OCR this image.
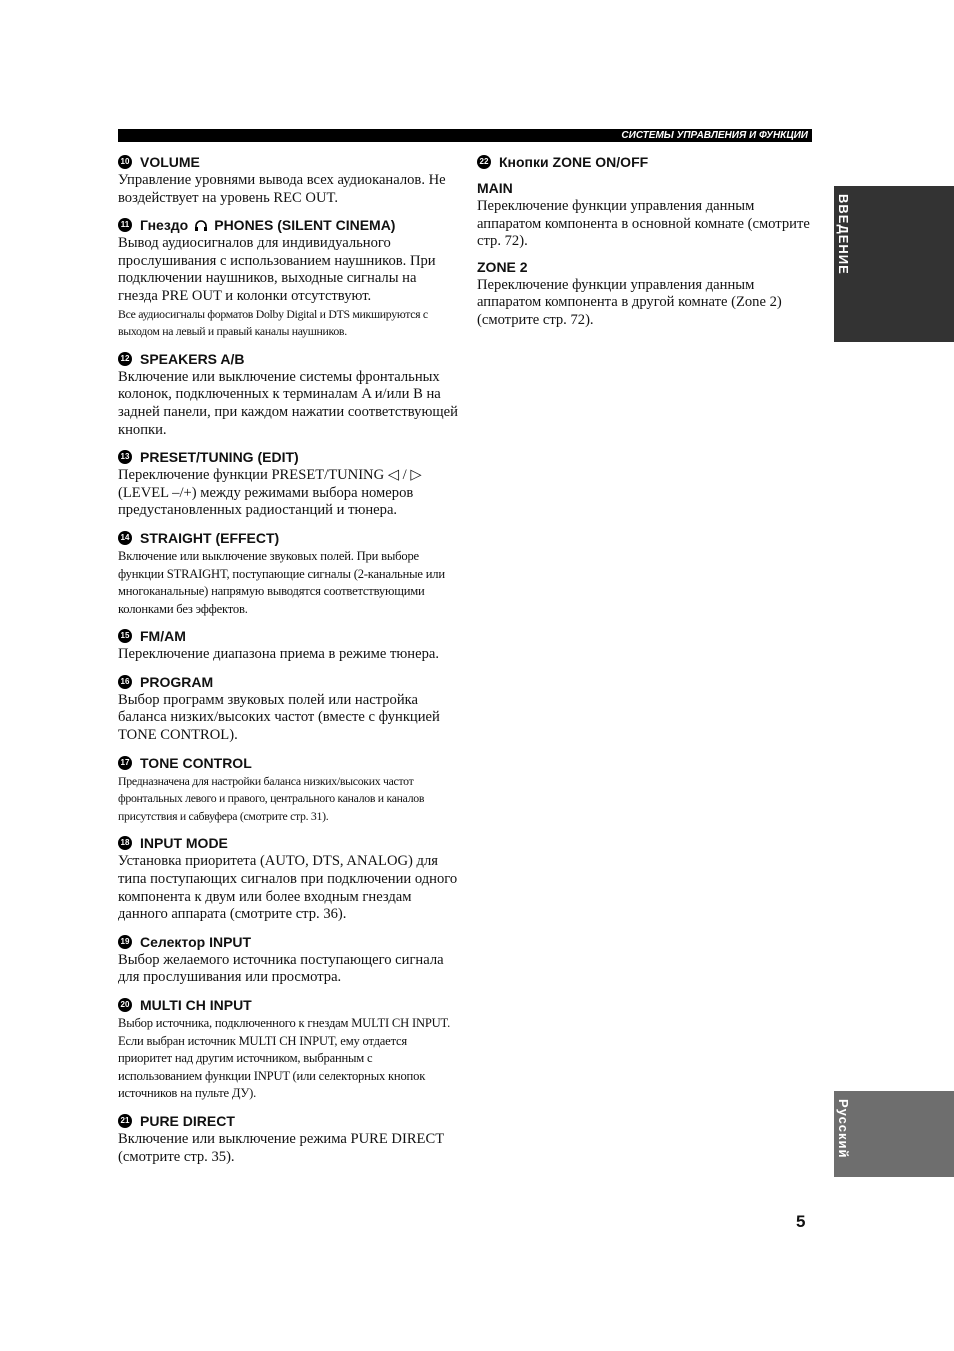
СИСТЕМЫ УПРАВЛЕНИЯ И ФУНКЦИИ
10 VOLUME
Управление уровнями вывода всех аудиоканалов. Не воздействует на уровень REC OUT.
11 Гнездо PHONES (SILENT CINEMA)
Вывод аудиосигналов для индивидуального прослушивания с использованием наушников. При подключении наушников, выходные сигналы на гнезда PRE OUT и колонки отсутствуют.
Все аудиосигналы форматов Dolby Digital и DTS микшируются с выходом на левый и правый каналы наушников.
12 SPEAKERS A/B
Включение или выключение системы фронтальных колонок, подключенных к терминалам A и/или B на задней панели, при каждом нажатии соответствующей кнопки.
13 PRESET/TUNING (EDIT)
Переключение функции PRESET/TUNING ◁ / ▷ (LEVEL –/+) между режимами выбора номеров предустановленных радиостанций и тюнера.
14 STRAIGHT (EFFECT)
Включение или выключение звуковых полей. При выборе функции STRAIGHT, поступающие сигналы (2-канальные или многоканальные) напрямую выводятся соответствующими колонками без эффектов.
15 FM/AM
Переключение диапазона приема в режиме тюнера.
16 PROGRAM
Выбор программ звуковых полей или настройка баланса низких/высоких частот (вместе с функцией TONE CONTROL).
17 TONE CONTROL
Предназначена для настройки баланса низких/высоких частот фронтальных левого и правого, центрального каналов и каналов присутствия и сабвуфера (смотрите стр. 31).
18 INPUT MODE
Установка приоритета (AUTO, DTS, ANALOG) для типа поступающих сигналов при подключении одного компонента к двум или более входным гнездам данного аппарата (смотрите стр. 36).
19 Селектор INPUT
Выбор желаемого источника поступающего сигнала для прослушивания или просмотра.
20 MULTI CH INPUT
Выбор источника, подключенного к гнездам MULTI CH INPUT. Если выбран источник MULTI CH INPUT, ему отдается приоритет над другим источником, выбранным с использованием функции INPUT (или селекторных кнопок источников на пульте ДУ).
21 PURE DIRECT
Включение или выключение режима PURE DIRECT (смотрите стр. 35).
22 Кнопки ZONE ON/OFF
MAIN
Переключение функции управления данным аппаратом компонента в основной комнате (смотрите стр. 72).
ZONE 2
Переключение функции управления данным аппаратом компонента в другой комнате (Zone 2) (смотрите стр. 72).
ВВЕДЕНИЕ
Русский
5
